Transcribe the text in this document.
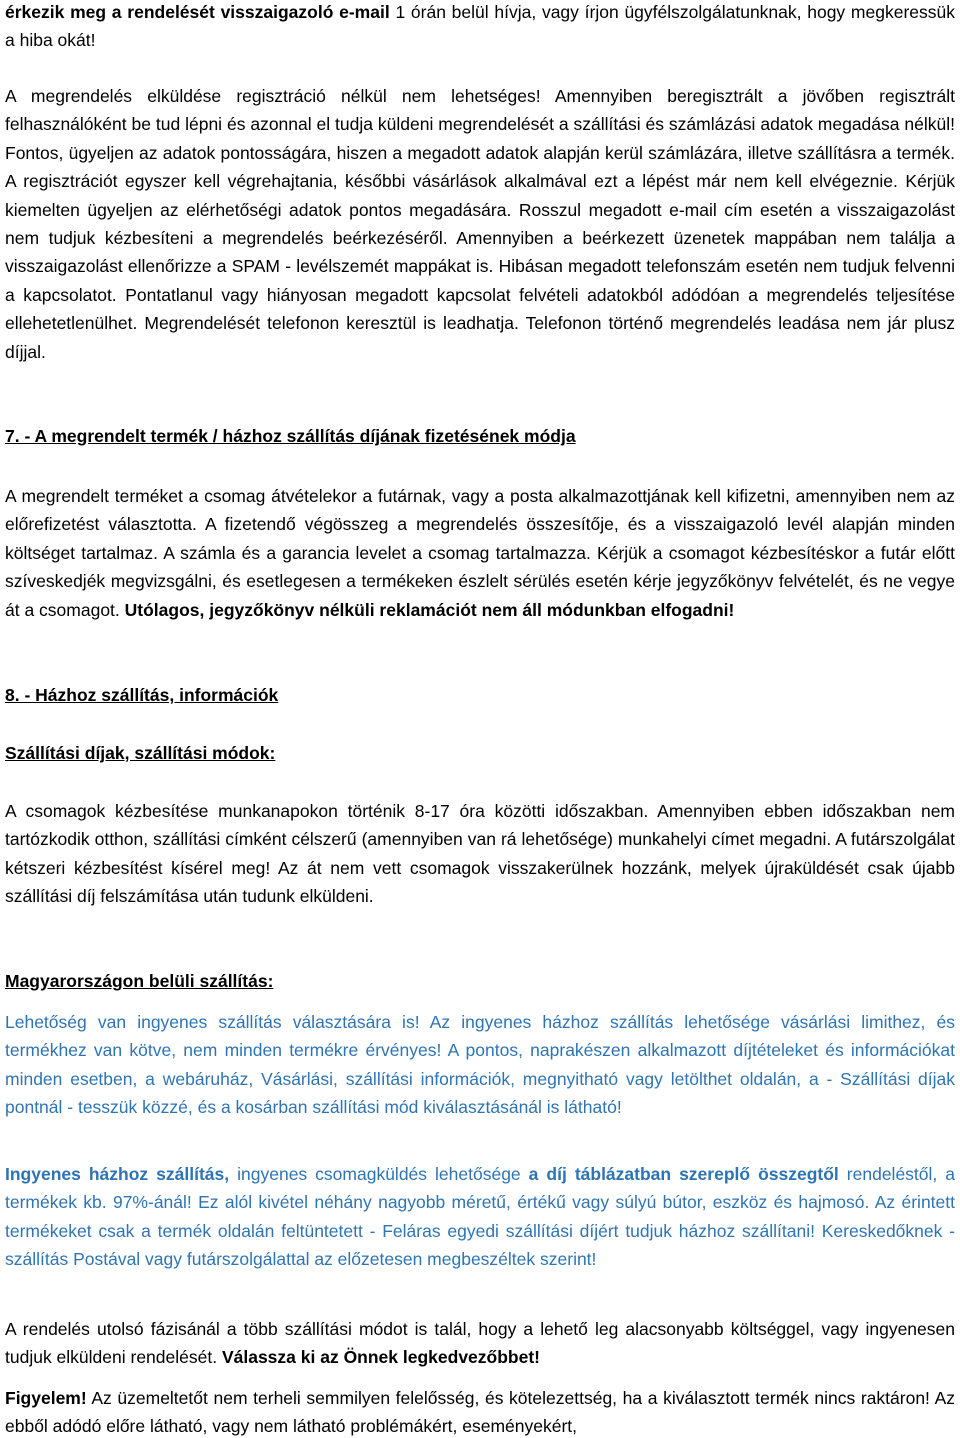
érkezik meg a rendelését visszaigazoló e-mail 1 órán belül hívja, vagy írjon ügyfélszolgálatunknak, hogy megkeressük a hiba okát!

A megrendelés elküldése regisztráció nélkül nem lehetséges! Amennyiben beregisztrált a jövőben regisztrált felhasználóként be tud lépni és azonnal el tudja küldeni megrendelését a szállítási és számlázási adatok megadása nélkül! Fontos, ügyeljen az adatok pontosságára, hiszen a megadott adatok alapján kerül számlázára, illetve szállításra a termék. A regisztrációt egyszer kell végrehajtania, későbbi vásárlások alkalmával ezt a lépést már nem kell elvégeznie. Kérjük kiemelten ügyeljen az elérhetőségi adatok pontos megadására. Rosszul megadott e-mail cím esetén a visszaigazolást nem tudjuk kézbesíteni a megrendelés beérkezéséről. Amennyiben a beérkezett üzenetek mappában nem találja a visszaigazolást ellenőrizze a SPAM - levélszemét mappákat is. Hibásan megadott telefonszám esetén nem tudjuk felvenni a kapcsolatot. Pontatlanul vagy hiányosan megadott kapcsolat felvételi adatokból adódóan a megrendelés teljesítése ellehetetlenülhet. Megrendelését telefonon keresztül is leadhatja. Telefonon történő megrendelés leadása nem jár plusz díjjal.

7. - A megrendelt termék / házhoz szállítás díjának fizetésének módja

A megrendelt terméket a csomag átvételekor a futárnak, vagy a posta alkalmazottjának kell kifizetni, amennyiben nem az előrefizetést választotta. A fizetendő végösszeg a megrendelés összesítője, és a visszaigazoló levél alapján minden költséget tartalmaz. A számla és a garancia levelet a csomag tartalmazza. Kérjük a csomagot kézbesítéskor a futár előtt szíveskedjék megvizsgálni, és esetlegesen a termékeken észlelt sérülés esetén kérje jegyzőkönyv felvételét, és ne vegye át a csomagot. Utólagos, jegyzőkönyv nélküli reklamációt nem áll módunkban elfogadni!

8. - Házhoz szállítás, információk
Szállítási díjak, szállítási módok:

A csomagok kézbesítése munkanapokon történik 8-17 óra közötti időszakban. Amennyiben ebben időszakban nem tartózkodik otthon, szállítási címként célszerű (amennyiben van rá lehetősége) munkahelyi címet megadni. A futárszolgálat kétszeri kézbesítést kísérel meg! Az át nem vett csomagok visszakerülnek hozzánk, melyek újraküldését csak újabb szállítási díj felszámítása után tudunk elküldeni.

Magyarországon belüli szállítás:

Lehetőség van ingyenes szállítás választására is! Az ingyenes házhoz szállítás lehetősége vásárlási limithez, és termékhez van kötve, nem minden termékre érvényes! A pontos, naprakészen alkalmazott díjtételeket és információkat minden esetben, a webáruház, Vásárlási, szállítási információk, megnyitható vagy letölthet oldalán, a - Szállítási díjak pontnál - tesszük közzé, és a kosárban szállítási mód kiválasztásánál is látható!

Ingyenes házhoz szállítás, ingyenes csomagküldés lehetősége a díj táblázatban szereplő összegtől rendeléstől, a termékek kb. 97%-ánál! Ez alól kivétel néhány nagyobb méretű, értékű vagy súlyú bútor, eszköz és hajmosó. Az érintett termékeket csak a termék oldalán feltüntetett - Feláras egyedi szállítási díjért tudjuk házhoz szállítani! Kereskedőknek - szállítás Postával vagy futárszolgálattal az előzetesen megbeszéltek szerint!

A rendelés utolsó fázisánál a több szállítási módot is talál, hogy a lehető leg alacsonyabb költséggel, vagy ingyenesen tudjuk elküldeni rendelését. Válassza ki az Önnek legkedvezőbbet!

Figyelem! Az üzemeltetőt nem terheli semmilyen felelősség, és kötelezettség, ha a kiválasztott termék nincs raktáron! Az ebből adódó előre látható, vagy nem látható problémákért, eseményekért,
